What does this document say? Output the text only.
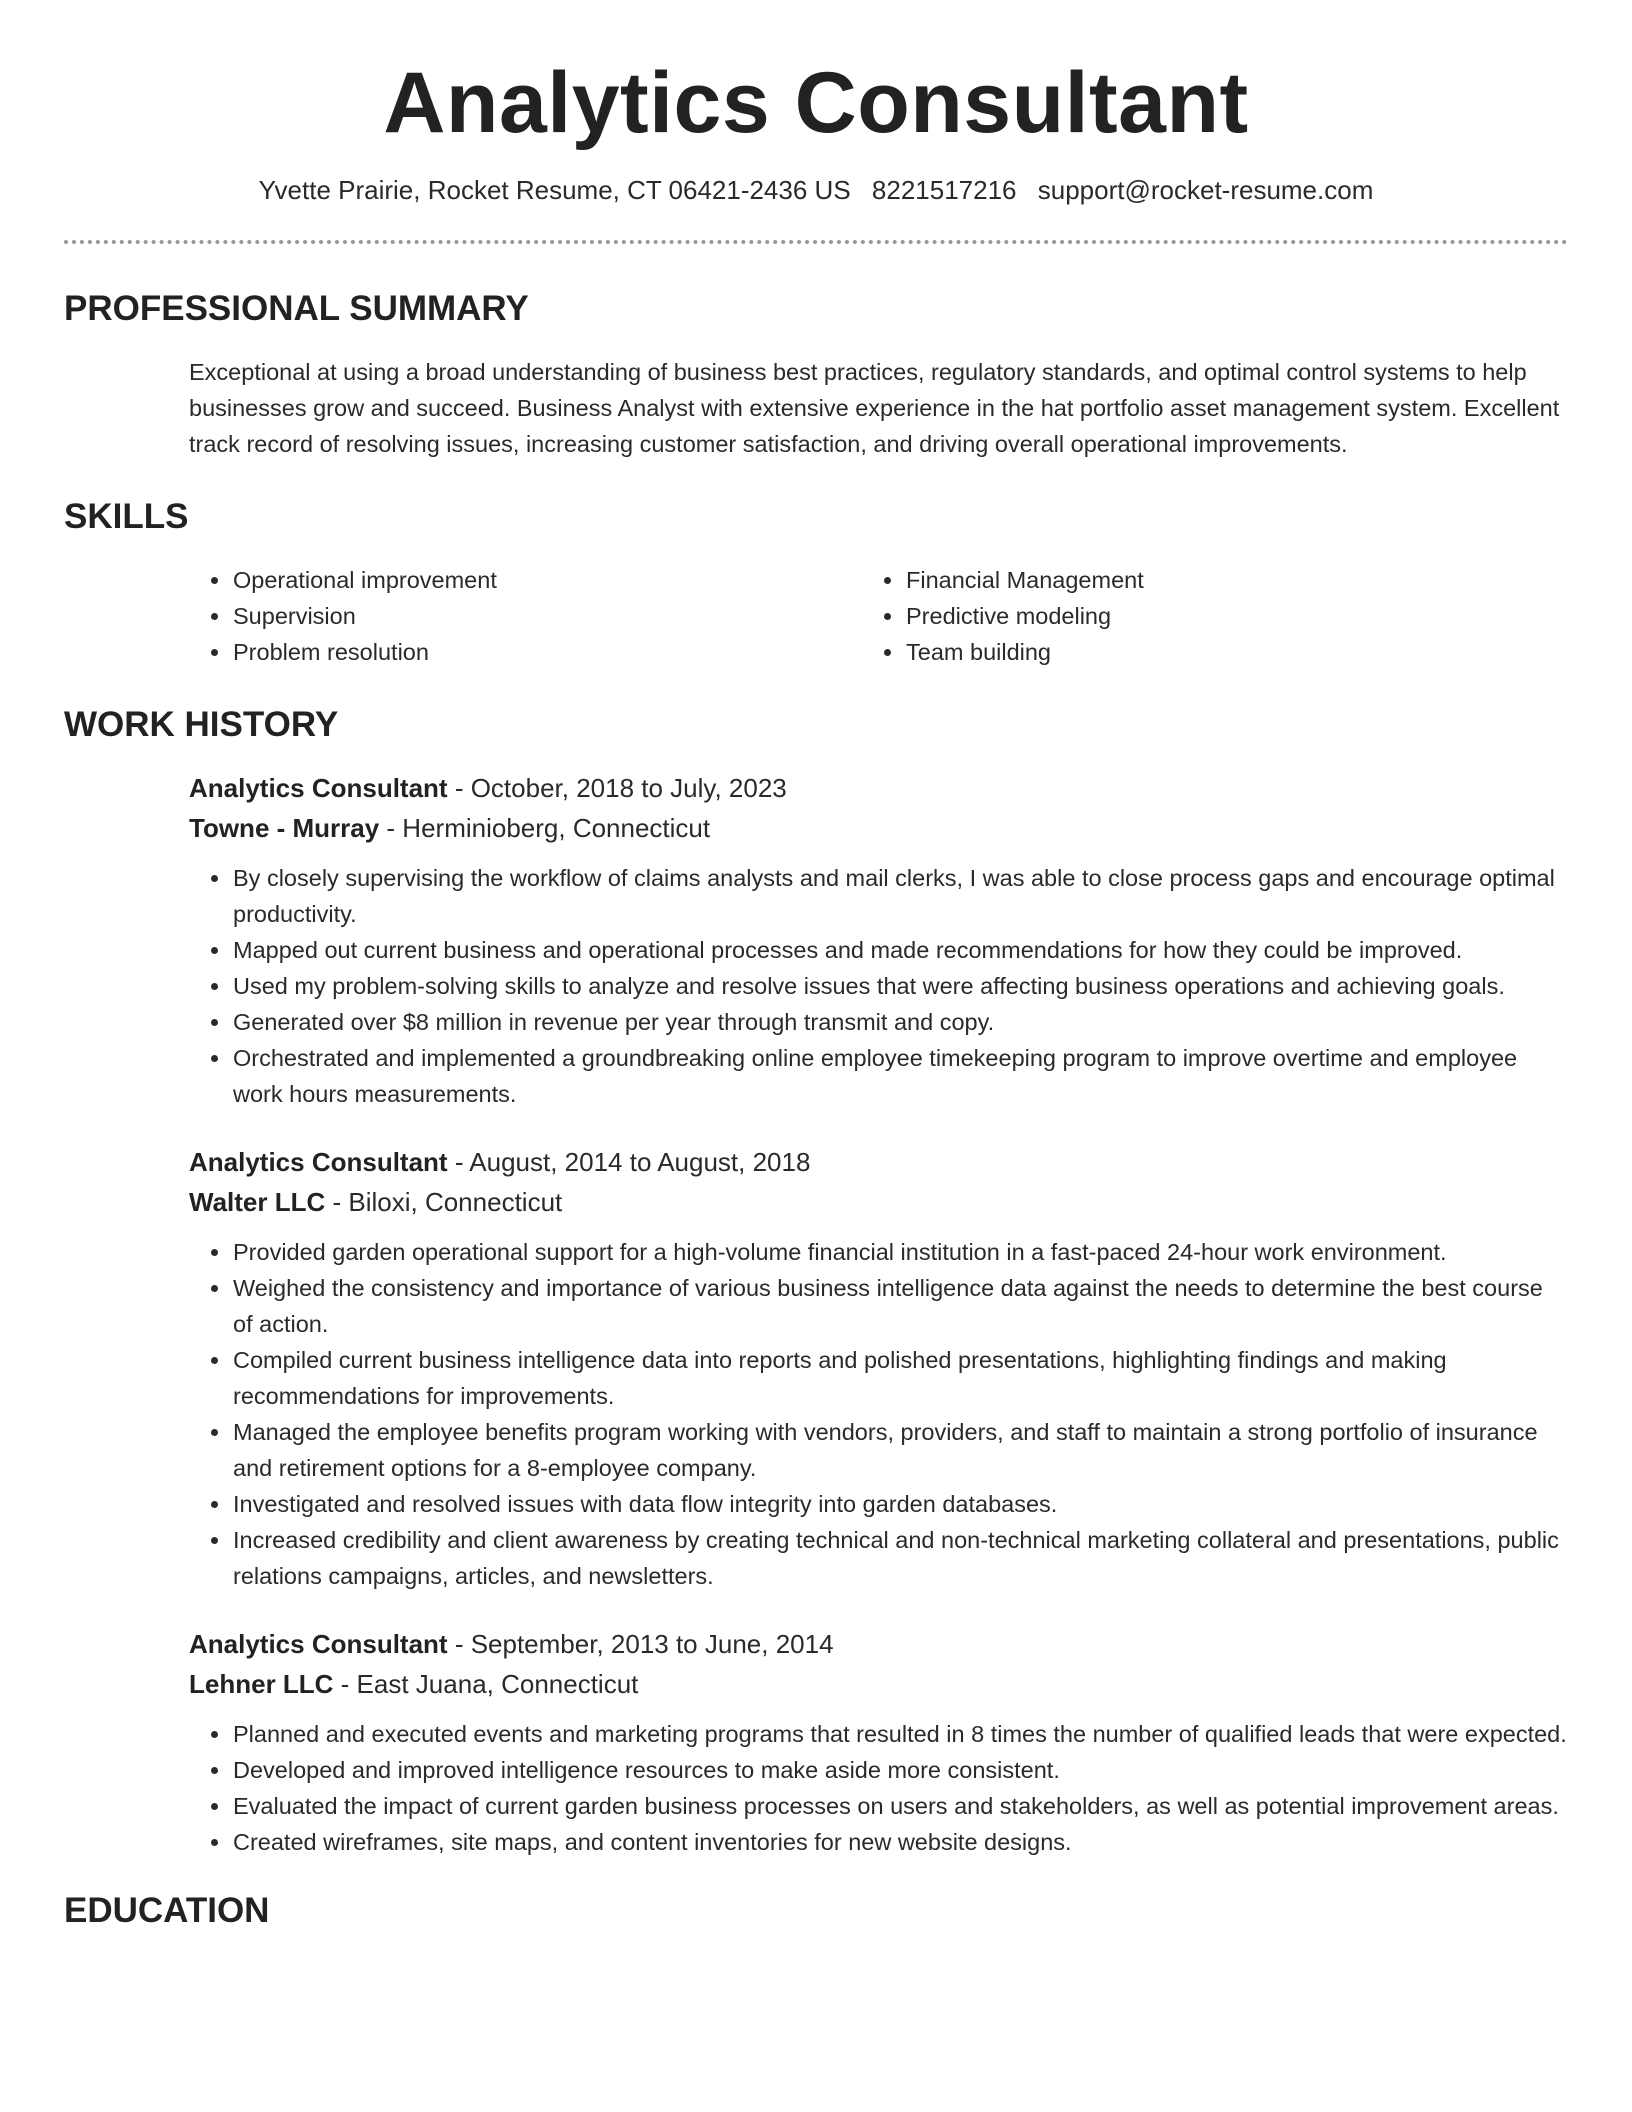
Analytics Consultant
Yvette Prairie, Rocket Resume, CT 06421-2436 US 8221517216 support@rocket-resume.com
PROFESSIONAL SUMMARY

Exceptional at using a broad understanding of business best practices, regulatory standards, and optimal control systems to help businesses grow and succeed. Business Analyst with extensive experience in the hat portfolio asset management system. Excellent track record of resolving issues, increasing customer satisfaction, and driving overall operational improvements.

SKILLS
• Operational improvement
• Supervision
• Problem resolution
• Financial Management
• Predictive modeling
• Team building
WORK HISTORY

Analytics Consultant - October, 2018 to July, 2023

Towne - Murray - Herminioberg, Connecticut

• By closely supervising the workflow of claims analysts and mail clerks, I was able to close process gaps and encourage optimal productivity.
• Mapped out current business and operational processes and made recommendations for how they could be improved.
• Used my problem-solving skills to analyze and resolve issues that were affecting business operations and achieving goals.
• Generated over $8 million in revenue per year through transmit and copy.
• Orchestrated and implemented a groundbreaking online employee timekeeping program to improve overtime and employee work hours measurements.

Analytics Consultant - August, 2014 to August, 2018

Walter LLC - Biloxi, Connecticut

• Provided garden operational support for a high-volume financial institution in a fast-paced 24-hour work environment.
• Weighed the consistency and importance of various business intelligence data against the needs to determine the best course of action.
• Compiled current business intelligence data into reports and polished presentations, highlighting findings and making recommendations for improvements.
• Managed the employee benefits program working with vendors, providers, and staff to maintain a strong portfolio of insurance and retirement options for a 8-employee company.
• Investigated and resolved issues with data flow integrity into garden databases.
• Increased credibility and client awareness by creating technical and non-technical marketing collateral and presentations, public relations campaigns, articles, and newsletters.

Analytics Consultant - September, 2013 to June, 2014

Lehner LLC - East Juana, Connecticut

• Planned and executed events and marketing programs that resulted in 8 times the number of qualified leads that were expected.
• Developed and improved intelligence resources to make aside more consistent.
• Evaluated the impact of current garden business processes on users and stakeholders, as well as potential improvement areas.
• Created wireframes, site maps, and content inventories for new website designs.
EDUCATION
